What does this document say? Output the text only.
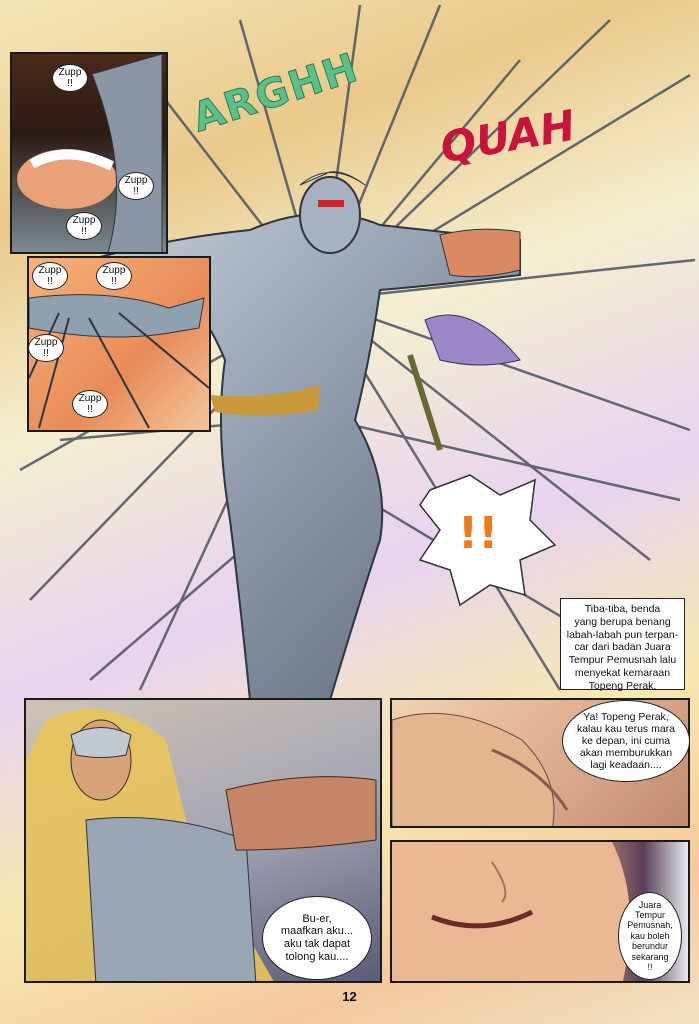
ARGHH QUAH
!!
Zupp
!!
Zupp
!!
Zupp
!!
Zupp
!!
Zupp
!!
Zupp
!!
Zupp
!!
Tiba-tiba, benda
yang berupa benang
labah-labah pun terpan-
car dari badan Juara
Tempur Pemusnah lalu
menyekat kemaraan
Topeng Perak.
Bu-er,
maafkan aku...
aku tak dapat
tolong kau....
Ya! Topeng Perak,
kalau kau terus mara
ke depan, ini cuma
akan memburukkan
lagi keadaan....
Juara
Tempur
Pemusnah,
kau boleh
berundur
sekarang
!!
12
